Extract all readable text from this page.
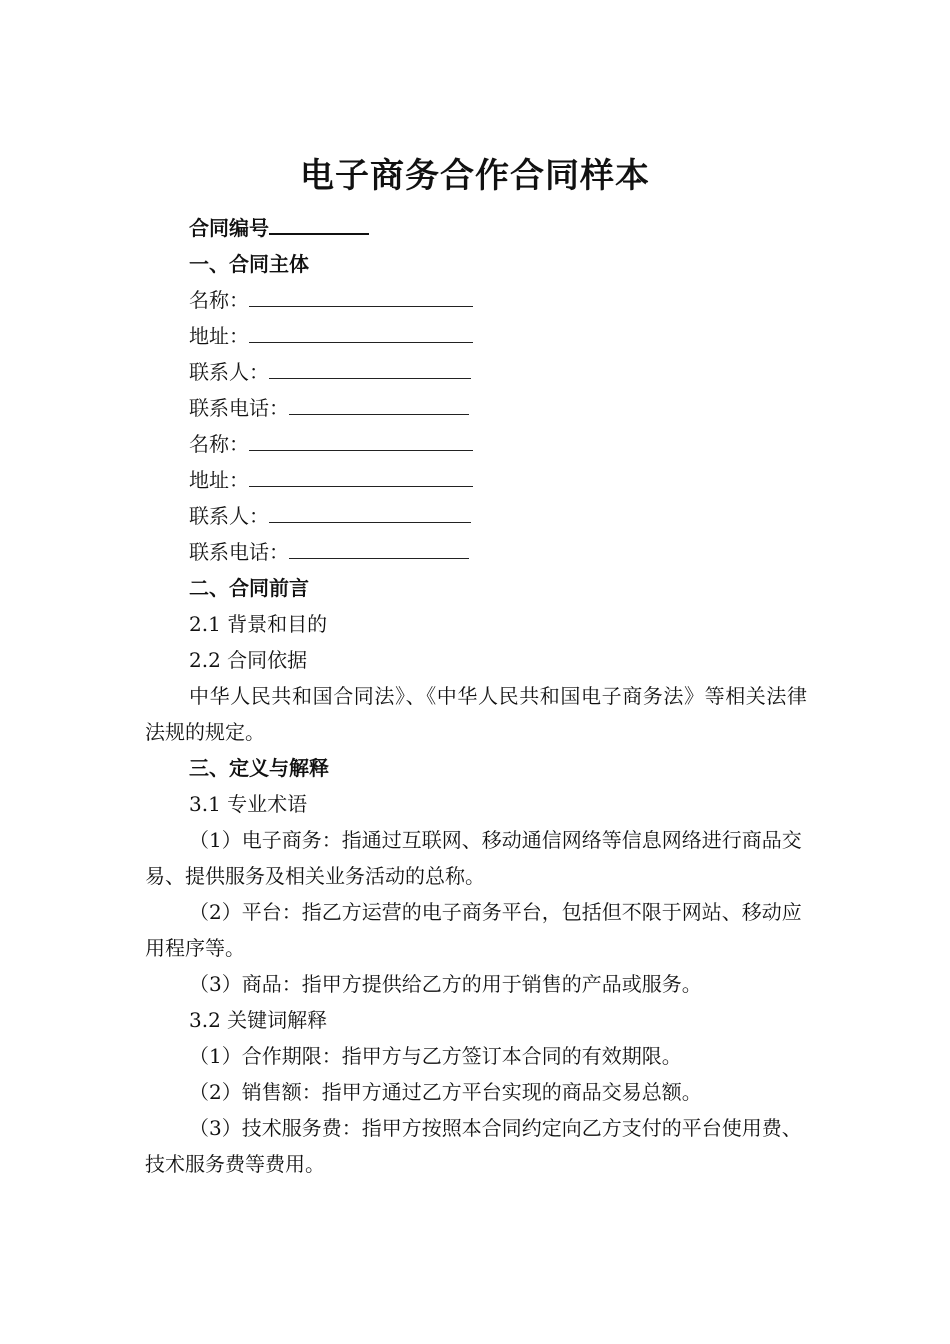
电子商务合作合同样本
合同编号
一、合同主体
名称：
地址：
联系人：
联系电话：
名称：
地址：
联系人：
联系电话：
二、合同前言
2.1 背景和目的
2.2 合同依据
中华人民共和国合同法》、《中华人民共和国电子商务法》等相关法律法规的规定。
三、定义与解释
3.1 专业术语
（1）电子商务：指通过互联网、移动通信网络等信息网络进行商品交易、提供服务及相关业务活动的总称。
（2）平台：指乙方运营的电子商务平台，包括但不限于网站、移动应用程序等。
（3）商品：指甲方提供给乙方的用于销售的产品或服务。
3.2 关键词解释
（1）合作期限：指甲方与乙方签订本合同的有效期限。
（2）销售额：指甲方通过乙方平台实现的商品交易总额。
（3）技术服务费：指甲方按照本合同约定向乙方支付的平台使用费、技术服务费等费用。
